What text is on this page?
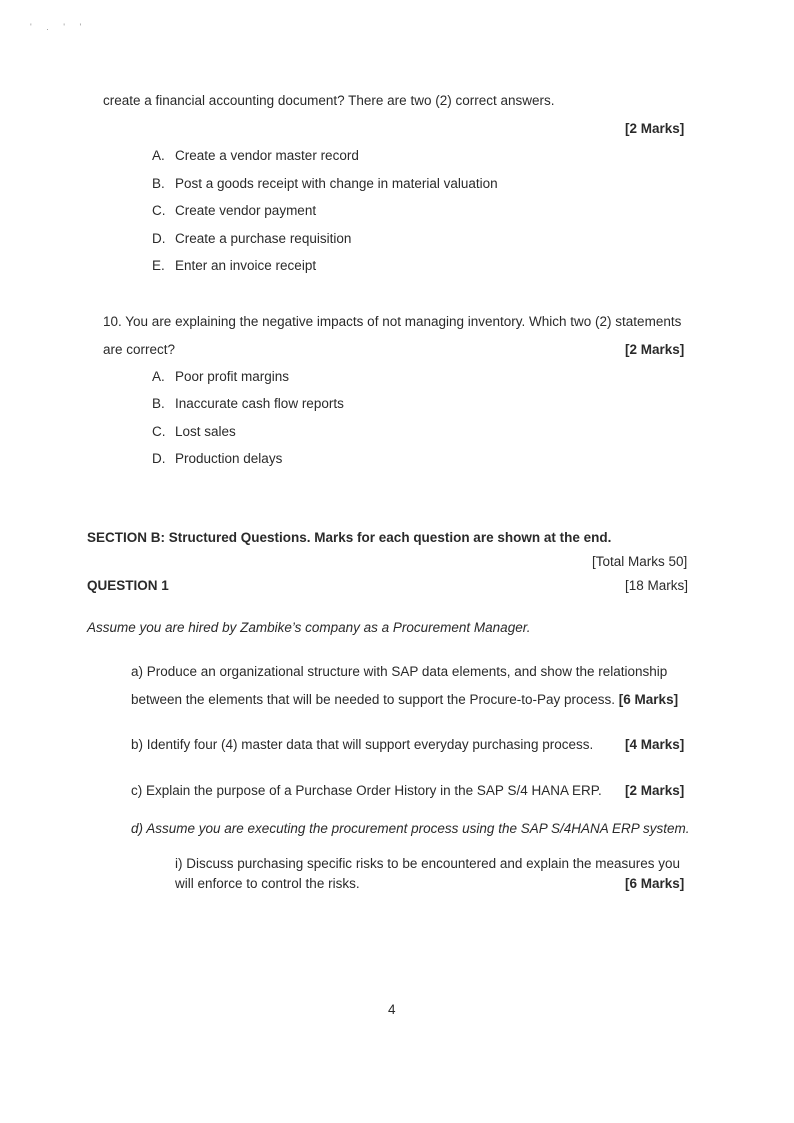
' . ' '
create a financial accounting document? There are two (2) correct answers.
[2 Marks]
A. Create a vendor master record
B. Post a goods receipt with change in material valuation
C. Create vendor payment
D. Create a purchase requisition
E. Enter an invoice receipt
10. You are explaining the negative impacts of not managing inventory. Which two (2) statements
are correct?	[2 Marks]
A. Poor profit margins
B. Inaccurate cash flow reports
C. Lost sales
D. Production delays
SECTION B: Structured Questions. Marks for each question are shown at the end.
[Total Marks 50]
QUESTION 1	[18 Marks]
Assume you are hired by Zambike’s company as a Procurement Manager.
a) Produce an organizational structure with SAP data elements, and show the relationship
between the elements that will be needed to support the Procure-to-Pay process. [6 Marks]
b) Identify four (4) master data that will support everyday purchasing process. [4 Marks]
c) Explain the purpose of a Purchase Order History in the SAP S/4 HANA ERP. [2 Marks]
d) Assume you are executing the procurement process using the SAP S/4HANA ERP system.
i) Discuss purchasing specific risks to be encountered and explain the measures you
will enforce to control the risks.	[6 Marks]
4
